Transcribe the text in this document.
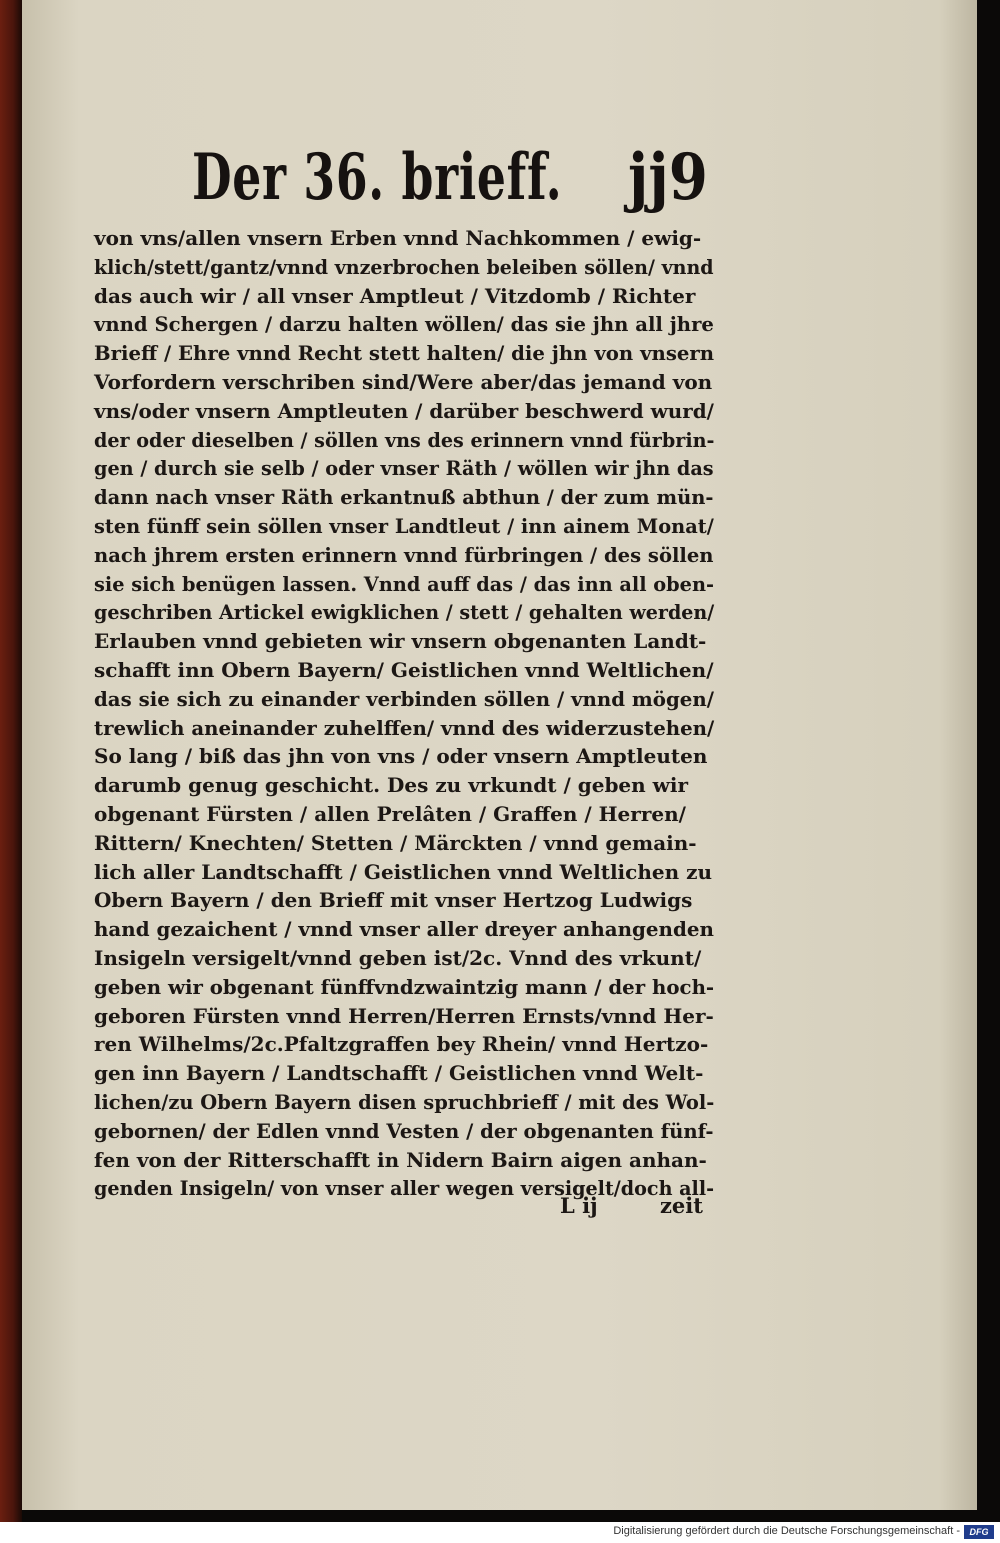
Der 36. brieff. jj9
von vns/allen vnsern Erben vnnd Nachkommen / ewig-
klich/stett/gantz/vnnd vnzerbrochen beleiben söllen/ vnnd
das auch wir / all vnser Amptleut / Vitzdomb / Richter
vnnd Schergen / darzu halten wöllen/ das sie jhn all jhre
Brieff / Ehre vnnd Recht stett halten/ die jhn von vnsern
Vorfordern verschriben sind/Were aber/das jemand von
vns/oder vnsern Amptleuten / darüber beschwerd wurd/
der oder dieselben / söllen vns des erinnern vnnd fürbrin-
gen / durch sie selb / oder vnser Räth / wöllen wir jhn das
dann nach vnser Räth erkantnuß abthun / der zum mün-
sten fünff sein söllen vnser Landtleut / inn ainem Monat/
nach jhrem ersten erinnern vnnd fürbringen / des söllen
sie sich benügen lassen. Vnnd auff das / das inn all oben-
geschriben Artickel ewigklichen / stett / gehalten werden/
Erlauben vnnd gebieten wir vnsern obgenanten Landt-
schafft inn Obern Bayern/ Geistlichen vnnd Weltlichen/
das sie sich zu einander verbinden söllen / vnnd mögen/
trewlich aneinander zuhelffen/ vnnd des widerzustehen/
So lang / biß das jhn von vns / oder vnsern Amptleuten
darumb genug geschicht. Des zu vrkundt / geben wir
obgenant Fürsten / allen Prelâten / Graffen / Herren/
Rittern/ Knechten/ Stetten / Märckten / vnnd gemain-
lich aller Landtschafft / Geistlichen vnnd Weltlichen zu
Obern Bayern / den Brieff mit vnser Hertzog Ludwigs
hand gezaichent / vnnd vnser aller dreyer anhangenden
Insigeln versigelt/vnnd geben ist/2c. Vnnd des vrkunt/
geben wir obgenant fünffvndzwaintzig mann / der hoch-
geboren Fürsten vnnd Herren/Herren Ernsts/vnnd Her-
ren Wilhelms/2c.Pfaltzgraffen bey Rhein/ vnnd Hertzo-
gen inn Bayern / Landtschafft / Geistlichen vnnd Welt-
lichen/zu Obern Bayern disen spruchbrieff / mit des Wol-
gebornen/ der Edlen vnnd Vesten / der obgenanten fünf-
fen von der Ritterschafft in Nidern Bairn aigen anhan-
genden Insigeln/ von vnser aller wegen versigelt/doch all-
L ij	zeit
Digitalisierung gefördert durch die Deutsche Forschungsgemeinschaft -	DFG
